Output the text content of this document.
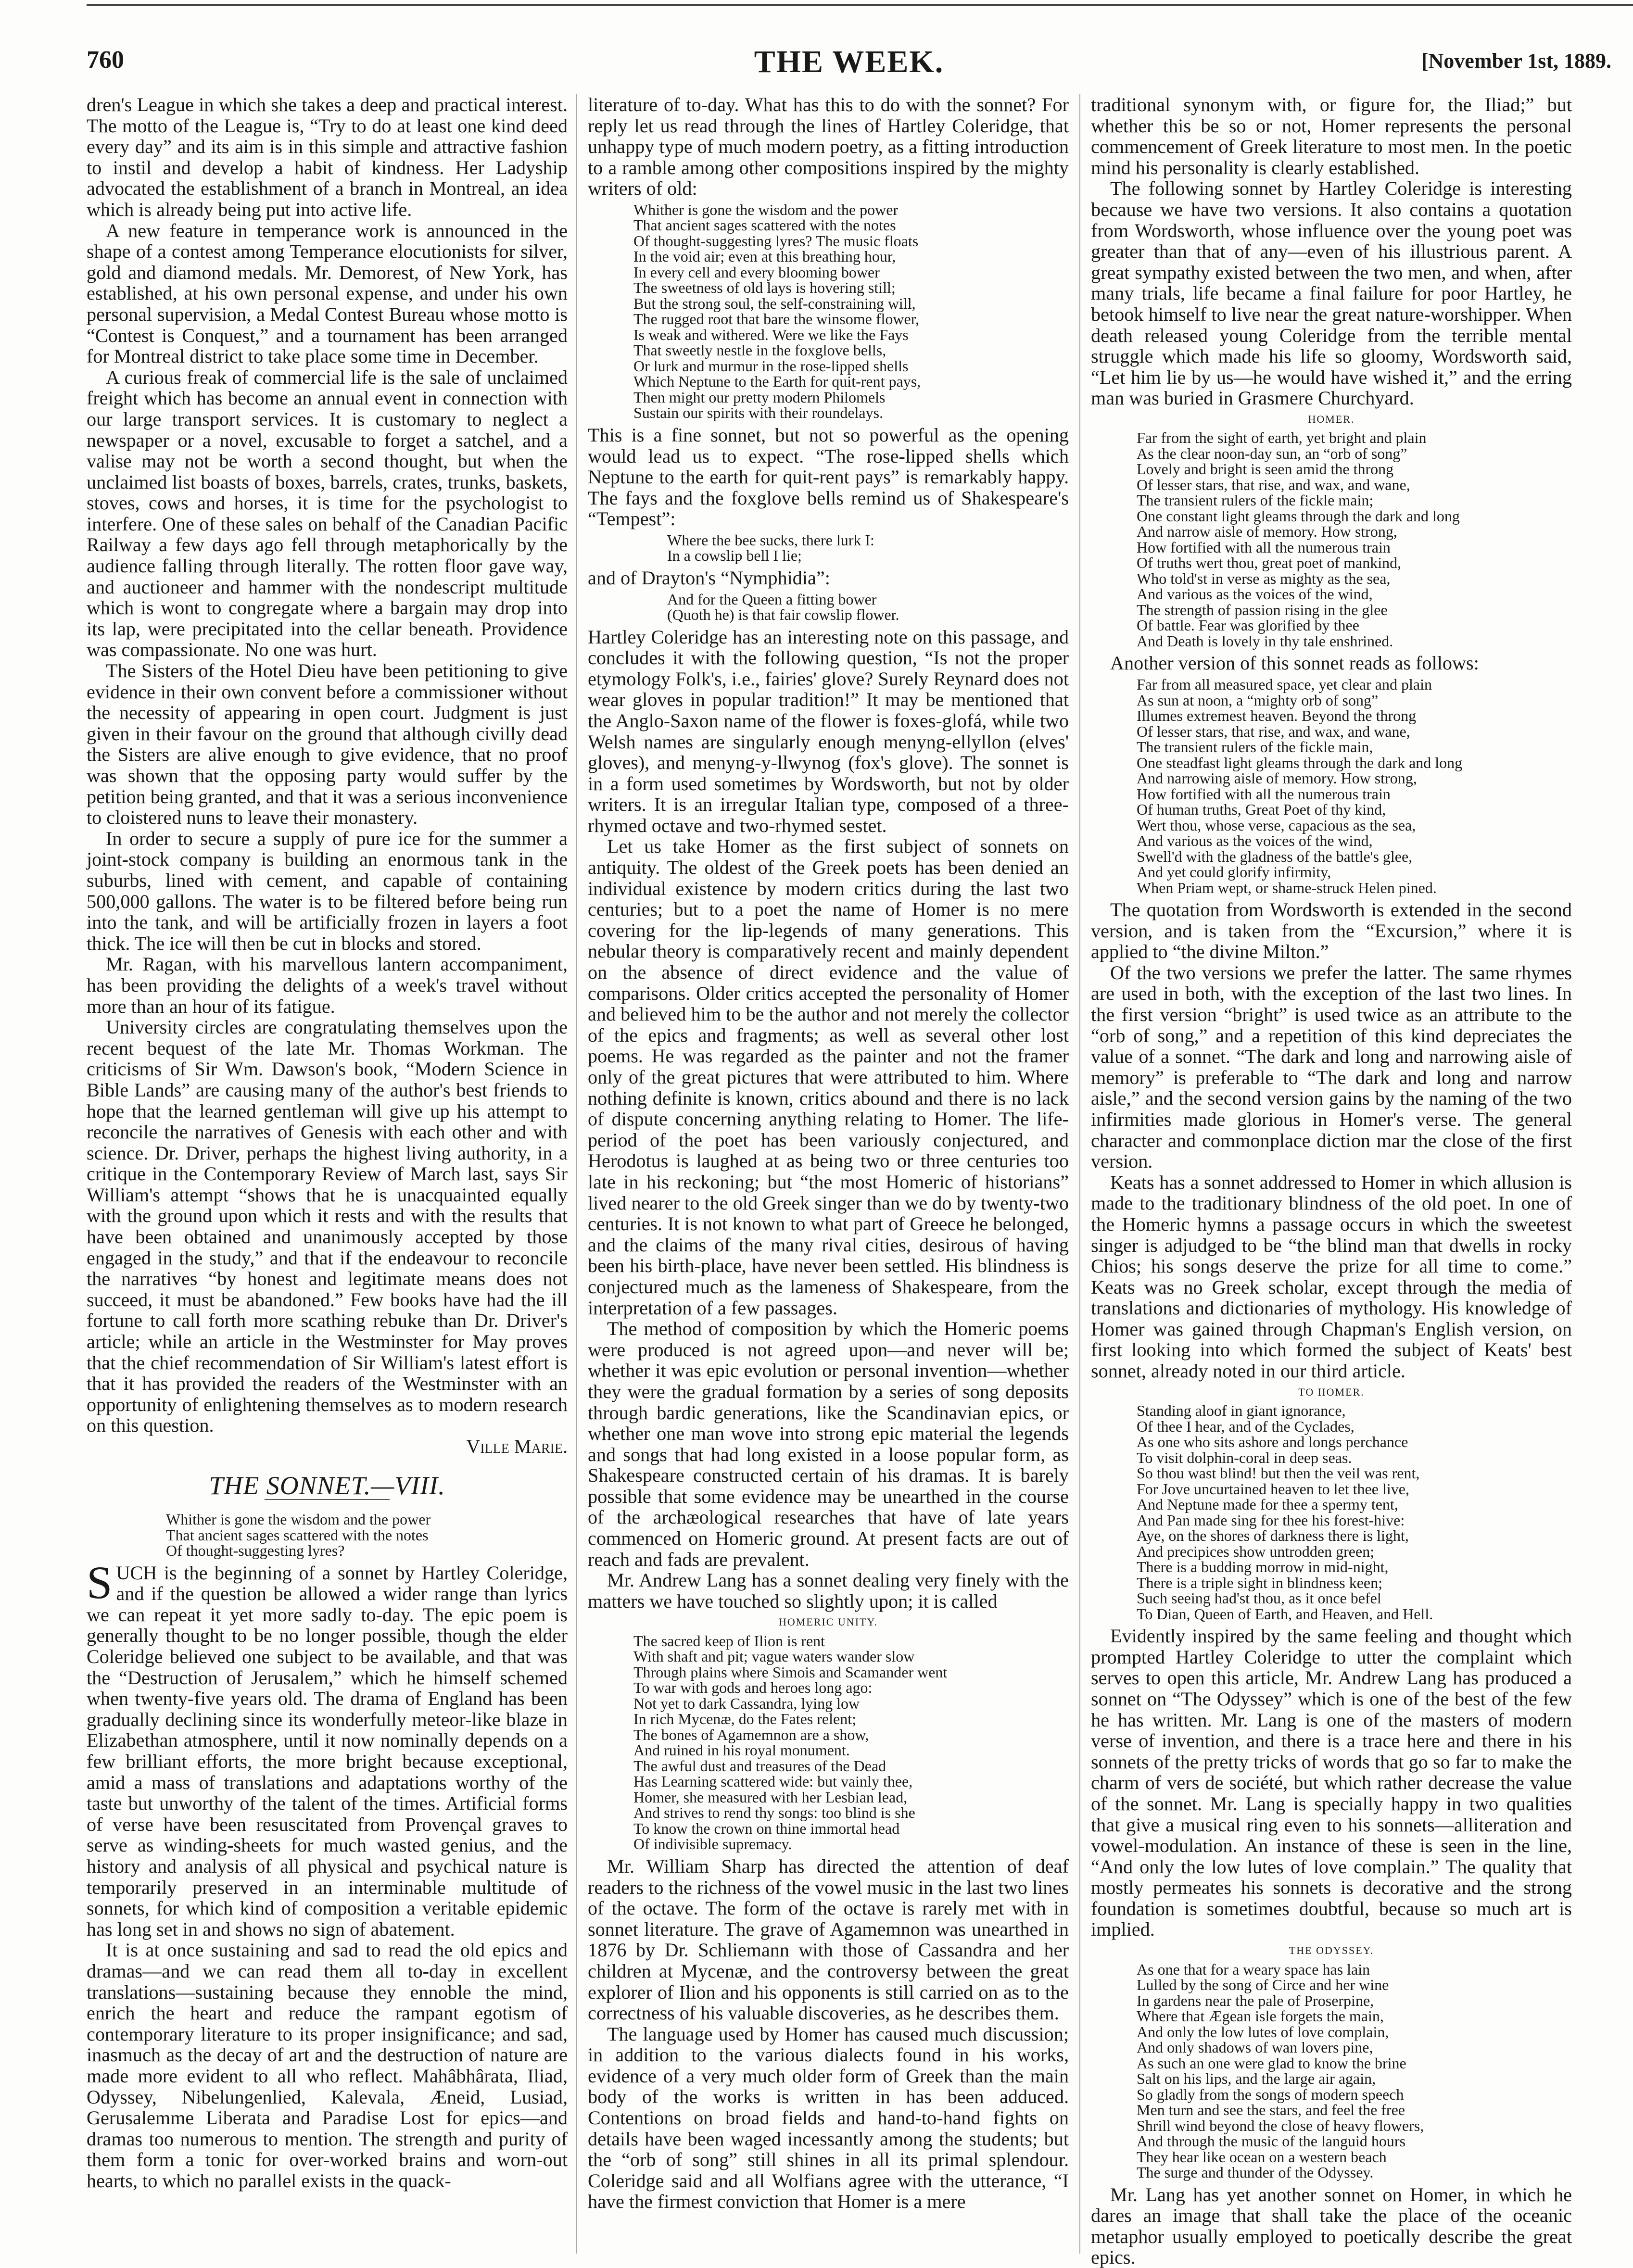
760	THE WEEK.	[November 1st, 1889.

dren's League in which she takes a deep and practical interest. The motto of the League is, “Try to do at least one kind deed every day” and its aim is in this simple and attractive fashion to instil and develop a habit of kindness. Her Ladyship advocated the establishment of a branch in Montreal, an idea which is already being put into active life.

A new feature in temperance work is announced in the shape of a contest among Temperance elocutionists for silver, gold and diamond medals. Mr. Demorest, of New York, has established, at his own personal expense, and under his own personal supervision, a Medal Contest Bureau whose motto is “Contest is Conquest,” and a tournament has been arranged for Montreal district to take place some time in December.

A curious freak of commercial life is the sale of unclaimed freight which has become an annual event in connection with our large transport services. It is customary to neglect a newspaper or a novel, excusable to forget a satchel, and a valise may not be worth a second thought, but when the unclaimed list boasts of boxes, barrels, crates, trunks, baskets, stoves, cows and horses, it is time for the psychologist to interfere. One of these sales on behalf of the Canadian Pacific Railway a few days ago fell through metaphorically by the audience falling through literally. The rotten floor gave way, and auctioneer and hammer with the nondescript multitude which is wont to congregate where a bargain may drop into its lap, were precipitated into the cellar beneath. Providence was compassionate. No one was hurt.

The Sisters of the Hotel Dieu have been petitioning to give evidence in their own convent before a commissioner without the necessity of appearing in open court. Judgment is just given in their favour on the ground that although civilly dead the Sisters are alive enough to give evidence, that no proof was shown that the opposing party would suffer by the petition being granted, and that it was a serious inconvenience to cloistered nuns to leave their monastery.

In order to secure a supply of pure ice for the summer a joint-stock company is building an enormous tank in the suburbs, lined with cement, and capable of containing 500,000 gallons. The water is to be filtered before being run into the tank, and will be artificially frozen in layers a foot thick. The ice will then be cut in blocks and stored.

Mr. Ragan, with his marvellous lantern accompaniment, has been providing the delights of a week's travel without more than an hour of its fatigue.

University circles are congratulating themselves upon the recent bequest of the late Mr. Thomas Workman. The criticisms of Sir Wm. Dawson's book, “Modern Science in Bible Lands” are causing many of the author's best friends to hope that the learned gentleman will give up his attempt to reconcile the narratives of Genesis with each other and with science. Dr. Driver, perhaps the highest living authority, in a critique in the Contemporary Review of March last, says Sir William's attempt “shows that he is unacquainted equally with the ground upon which it rests and with the results that have been obtained and unanimously accepted by those engaged in the study,” and that if the endeavour to reconcile the narratives “by honest and legitimate means does not succeed, it must be abandoned.” Few books have had the ill fortune to call forth more scathing rebuke than Dr. Driver's article; while an article in the Westminster for May proves that the chief recommendation of Sir William's latest effort is that it has provided the readers of the Westminster with an opportunity of enlightening themselves as to modern research on this question.

Ville Marie.
THE SONNET.—VIII.
Whither is gone the wisdom and the power
That ancient sages scattered with the notes
Of thought-suggesting lyres?

SUCH is the beginning of a sonnet by Hartley Coleridge, and if the question be allowed a wider range than lyrics we can repeat it yet more sadly to-day. The epic poem is generally thought to be no longer possible, though the elder Coleridge believed one subject to be available, and that was the “Destruction of Jerusalem,” which he himself schemed when twenty-five years old. The drama of England has been gradually declining since its wonderfully meteor-like blaze in Elizabethan atmosphere, until it now nominally depends on a few brilliant efforts, the more bright because exceptional, amid a mass of translations and adaptations worthy of the taste but unworthy of the talent of the times. Artificial forms of verse have been resuscitated from Provençal graves to serve as winding-sheets for much wasted genius, and the history and analysis of all physical and psychical nature is temporarily preserved in an interminable multitude of sonnets, for which kind of composition a veritable epidemic has long set in and shows no sign of abatement.

It is at once sustaining and sad to read the old epics and dramas—and we can read them all to-day in excellent translations—sustaining because they ennoble the mind, enrich the heart and reduce the rampant egotism of contemporary literature to its proper insignificance; and sad, inasmuch as the decay of art and the destruction of nature are made more evident to all who reflect. Mahâbhârata, Iliad, Odyssey, Nibelungenlied, Kalevala, Æneid, Lusiad, Gerusalemme Liberata and Paradise Lost for epics—and dramas too numerous to mention. The strength and purity of them form a tonic for over-worked brains and worn-out hearts, to which no parallel exists in the quack-

literature of to-day. What has this to do with the sonnet? For reply let us read through the lines of Hartley Coleridge, that unhappy type of much modern poetry, as a fitting introduction to a ramble among other compositions inspired by the mighty writers of old:

Whither is gone the wisdom and the power
That ancient sages scattered with the notes
Of thought-suggesting lyres? The music floats
In the void air; even at this breathing hour,
In every cell and every blooming bower
The sweetness of old lays is hovering still;
But the strong soul, the self-constraining will,
The rugged root that bare the winsome flower,
Is weak and withered. Were we like the Fays
That sweetly nestle in the foxglove bells,
Or lurk and murmur in the rose-lipped shells
Which Neptune to the Earth for quit-rent pays,
Then might our pretty modern Philomels
Sustain our spirits with their roundelays.

This is a fine sonnet, but not so powerful as the opening would lead us to expect. “The rose-lipped shells which Neptune to the earth for quit-rent pays” is remarkably happy. The fays and the foxglove bells remind us of Shakespeare's “Tempest”:

Where the bee sucks, there lurk I:
In a cowslip bell I lie;

and of Drayton's “Nymphidia”:

And for the Queen a fitting bower
(Quoth he) is that fair cowslip flower.

Hartley Coleridge has an interesting note on this passage, and concludes it with the following question, “Is not the proper etymology Folk's, i.e., fairies' glove? Surely Reynard does not wear gloves in popular tradition!” It may be mentioned that the Anglo-Saxon name of the flower is foxes-glofá, while two Welsh names are singularly enough menyng-ellyllon (elves' gloves), and menyng-y-llwynog (fox's glove). The sonnet is in a form used sometimes by Wordsworth, but not by older writers. It is an irregular Italian type, composed of a three-rhymed octave and two-rhymed sestet.

Let us take Homer as the first subject of sonnets on antiquity. The oldest of the Greek poets has been denied an individual existence by modern critics during the last two centuries; but to a poet the name of Homer is no mere covering for the lip-legends of many generations. This nebular theory is comparatively recent and mainly dependent on the absence of direct evidence and the value of comparisons. Older critics accepted the personality of Homer and believed him to be the author and not merely the collector of the epics and fragments; as well as several other lost poems. He was regarded as the painter and not the framer only of the great pictures that were attributed to him. Where nothing definite is known, critics abound and there is no lack of dispute concerning anything relating to Homer. The life-period of the poet has been variously conjectured, and Herodotus is laughed at as being two or three centuries too late in his reckoning; but “the most Homeric of historians” lived nearer to the old Greek singer than we do by twenty-two centuries. It is not known to what part of Greece he belonged, and the claims of the many rival cities, desirous of having been his birth-place, have never been settled. His blindness is conjectured much as the lameness of Shakespeare, from the interpretation of a few passages.

The method of composition by which the Homeric poems were produced is not agreed upon—and never will be; whether it was epic evolution or personal invention—whether they were the gradual formation by a series of song deposits through bardic generations, like the Scandinavian epics, or whether one man wove into strong epic material the legends and songs that had long existed in a loose popular form, as Shakespeare constructed certain of his dramas. It is barely possible that some evidence may be unearthed in the course of the archæological researches that have of late years commenced on Homeric ground. At present facts are out of reach and fads are prevalent.

Mr. Andrew Lang has a sonnet dealing very finely with the matters we have touched so slightly upon; it is called

HOMERIC UNITY.
The sacred keep of Ilion is rent
With shaft and pit; vague waters wander slow
Through plains where Simois and Scamander went
To war with gods and heroes long ago:
Not yet to dark Cassandra, lying low
In rich Mycenæ, do the Fates relent;
The bones of Agamemnon are a show,
And ruined in his royal monument.
The awful dust and treasures of the Dead
Has Learning scattered wide: but vainly thee,
Homer, she measured with her Lesbian lead,
And strives to rend thy songs: too blind is she
To know the crown on thine immortal head
Of indivisible supremacy.

Mr. William Sharp has directed the attention of deaf readers to the richness of the vowel music in the last two lines of the octave. The form of the octave is rarely met with in sonnet literature. The grave of Agamemnon was unearthed in 1876 by Dr. Schliemann with those of Cassandra and her children at Mycenæ, and the controversy between the great explorer of Ilion and his opponents is still carried on as to the correctness of his valuable discoveries, as he describes them.

The language used by Homer has caused much discussion; in addition to the various dialects found in his works, evidence of a very much older form of Greek than the main body of the works is written in has been adduced. Contentions on broad fields and hand-to-hand fights on details have been waged incessantly among the students; but the “orb of song” still shines in all its primal splendour. Coleridge said and all Wolfians agree with the utterance, “I have the firmest conviction that Homer is a mere

traditional synonym with, or figure for, the Iliad;” but whether this be so or not, Homer represents the personal commencement of Greek literature to most men. In the poetic mind his personality is clearly established.

The following sonnet by Hartley Coleridge is interesting because we have two versions. It also contains a quotation from Wordsworth, whose influence over the young poet was greater than that of any—even of his illustrious parent. A great sympathy existed between the two men, and when, after many trials, life became a final failure for poor Hartley, he betook himself to live near the great nature-worshipper. When death released young Coleridge from the terrible mental struggle which made his life so gloomy, Wordsworth said, “Let him lie by us—he would have wished it,” and the erring man was buried in Grasmere Churchyard.

HOMER.
Far from the sight of earth, yet bright and plain
As the clear noon-day sun, an “orb of song”
Lovely and bright is seen amid the throng
Of lesser stars, that rise, and wax, and wane,
The transient rulers of the fickle main;
One constant light gleams through the dark and long
And narrow aisle of memory. How strong,
How fortified with all the numerous train
Of truths wert thou, great poet of mankind,
Who told'st in verse as mighty as the sea,
And various as the voices of the wind,
The strength of passion rising in the glee
Of battle. Fear was glorified by thee
And Death is lovely in thy tale enshrined.

Another version of this sonnet reads as follows:

Far from all measured space, yet clear and plain
As sun at noon, a “mighty orb of song”
Illumes extremest heaven. Beyond the throng
Of lesser stars, that rise, and wax, and wane,
The transient rulers of the fickle main,
One steadfast light gleams through the dark and long
And narrowing aisle of memory. How strong,
How fortified with all the numerous train
Of human truths, Great Poet of thy kind,
Wert thou, whose verse, capacious as the sea,
And various as the voices of the wind,
Swell'd with the gladness of the battle's glee,
And yet could glorify infirmity,
When Priam wept, or shame-struck Helen pined.

The quotation from Wordsworth is extended in the second version, and is taken from the “Excursion,” where it is applied to “the divine Milton.”

Of the two versions we prefer the latter. The same rhymes are used in both, with the exception of the last two lines. In the first version “bright” is used twice as an attribute to the “orb of song,” and a repetition of this kind depreciates the value of a sonnet. “The dark and long and narrowing aisle of memory” is preferable to “The dark and long and narrow aisle,” and the second version gains by the naming of the two infirmities made glorious in Homer's verse. The general character and commonplace diction mar the close of the first version.

Keats has a sonnet addressed to Homer in which allusion is made to the traditionary blindness of the old poet. In one of the Homeric hymns a passage occurs in which the sweetest singer is adjudged to be “the blind man that dwells in rocky Chios; his songs deserve the prize for all time to come.” Keats was no Greek scholar, except through the media of translations and dictionaries of mythology. His knowledge of Homer was gained through Chapman's English version, on first looking into which formed the subject of Keats' best sonnet, already noted in our third article.

TO HOMER.
Standing aloof in giant ignorance,
Of thee I hear, and of the Cyclades,
As one who sits ashore and longs perchance
To visit dolphin-coral in deep seas.
So thou wast blind! but then the veil was rent,
For Jove uncurtained heaven to let thee live,
And Neptune made for thee a spermy tent,
And Pan made sing for thee his forest-hive:
Aye, on the shores of darkness there is light,
And precipices show untrodden green;
There is a budding morrow in mid-night,
There is a triple sight in blindness keen;
Such seeing had'st thou, as it once befel
To Dian, Queen of Earth, and Heaven, and Hell.

Evidently inspired by the same feeling and thought which prompted Hartley Coleridge to utter the complaint which serves to open this article, Mr. Andrew Lang has produced a sonnet on “The Odyssey” which is one of the best of the few he has written. Mr. Lang is one of the masters of modern verse of invention, and there is a trace here and there in his sonnets of the pretty tricks of words that go so far to make the charm of vers de société, but which rather decrease the value of the sonnet. Mr. Lang is specially happy in two qualities that give a musical ring even to his sonnets—alliteration and vowel-modulation. An instance of these is seen in the line, “And only the low lutes of love complain.” The quality that mostly permeates his sonnets is decorative and the strong foundation is sometimes doubtful, because so much art is implied.

THE ODYSSEY.
As one that for a weary space has lain
Lulled by the song of Circe and her wine
In gardens near the pale of Proserpine,
Where that Ægean isle forgets the main,
And only the low lutes of love complain,
And only shadows of wan lovers pine,
As such an one were glad to know the brine
Salt on his lips, and the large air again,
So gladly from the songs of modern speech
Men turn and see the stars, and feel the free
Shrill wind beyond the close of heavy flowers,
And through the music of the languid hours
They hear like ocean on a western beach
The surge and thunder of the Odyssey.

Mr. Lang has yet another sonnet on Homer, in which he dares an image that shall take the place of the oceanic metaphor usually employed to poetically describe the great epics.
